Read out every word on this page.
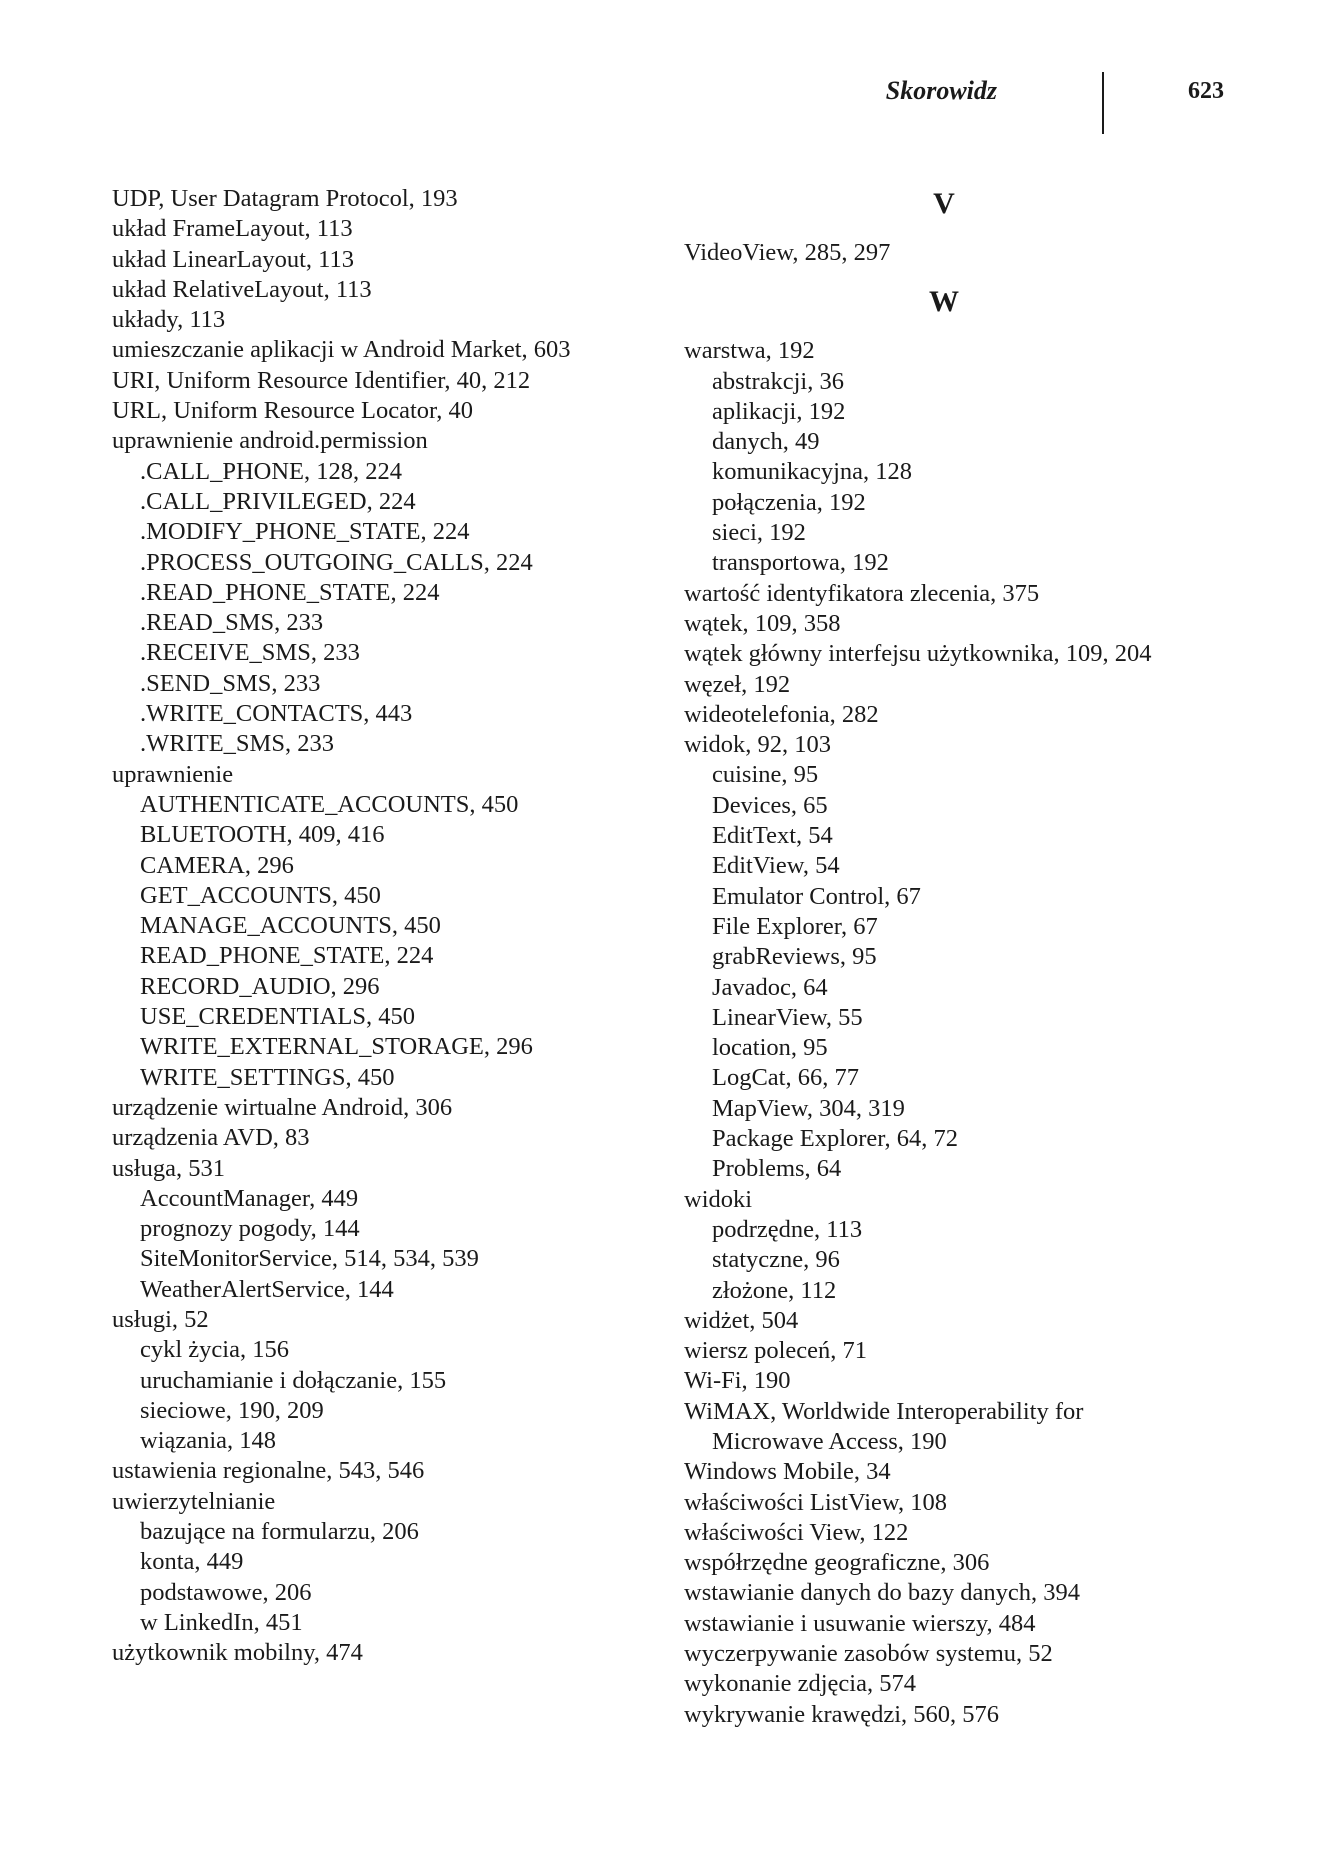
Skorowidz	623
UDP, User Datagram Protocol, 193
układ FrameLayout, 113
układ LinearLayout, 113
układ RelativeLayout, 113
układy, 113
umieszczanie aplikacji w Android Market, 603
URI, Uniform Resource Identifier, 40, 212
URL, Uniform Resource Locator, 40
uprawnienie android.permission
.CALL_PHONE, 128, 224
.CALL_PRIVILEGED, 224
.MODIFY_PHONE_STATE, 224
.PROCESS_OUTGOING_CALLS, 224
.READ_PHONE_STATE, 224
.READ_SMS, 233
.RECEIVE_SMS, 233
.SEND_SMS, 233
.WRITE_CONTACTS, 443
.WRITE_SMS, 233
uprawnienie
AUTHENTICATE_ACCOUNTS, 450
BLUETOOTH, 409, 416
CAMERA, 296
GET_ACCOUNTS, 450
MANAGE_ACCOUNTS, 450
READ_PHONE_STATE, 224
RECORD_AUDIO, 296
USE_CREDENTIALS, 450
WRITE_EXTERNAL_STORAGE, 296
WRITE_SETTINGS, 450
urządzenie wirtualne Android, 306
urządzenia AVD, 83
usługa, 531
AccountManager, 449
prognozy pogody, 144
SiteMonitorService, 514, 534, 539
WeatherAlertService, 144
usługi, 52
cykl życia, 156
uruchamianie i dołączanie, 155
sieciowe, 190, 209
wiązania, 148
ustawienia regionalne, 543, 546
uwierzytelnianie
bazujące na formularzu, 206
konta, 449
podstawowe, 206
w LinkedIn, 451
użytkownik mobilny, 474
V
VideoView, 285, 297
W
warstwa, 192
abstrakcji, 36
aplikacji, 192
danych, 49
komunikacyjna, 128
połączenia, 192
sieci, 192
transportowa, 192
wartość identyfikatora zlecenia, 375
wątek, 109, 358
wątek główny interfejsu użytkownika, 109, 204
węzeł, 192
wideotelefonia, 282
widok, 92, 103
cuisine, 95
Devices, 65
EditText, 54
EditView, 54
Emulator Control, 67
File Explorer, 67
grabReviews, 95
Javadoc, 64
LinearView, 55
location, 95
LogCat, 66, 77
MapView, 304, 319
Package Explorer, 64, 72
Problems, 64
widoki
podrzędne, 113
statyczne, 96
złożone, 112
widżet, 504
wiersz poleceń, 71
Wi-Fi, 190
WiMAX, Worldwide Interoperability for
Microwave Access, 190
Windows Mobile, 34
właściwości ListView, 108
właściwości View, 122
współrzędne geograficzne, 306
wstawianie danych do bazy danych, 394
wstawianie i usuwanie wierszy, 484
wyczerpywanie zasobów systemu, 52
wykonanie zdjęcia, 574
wykrywanie krawędzi, 560, 576
